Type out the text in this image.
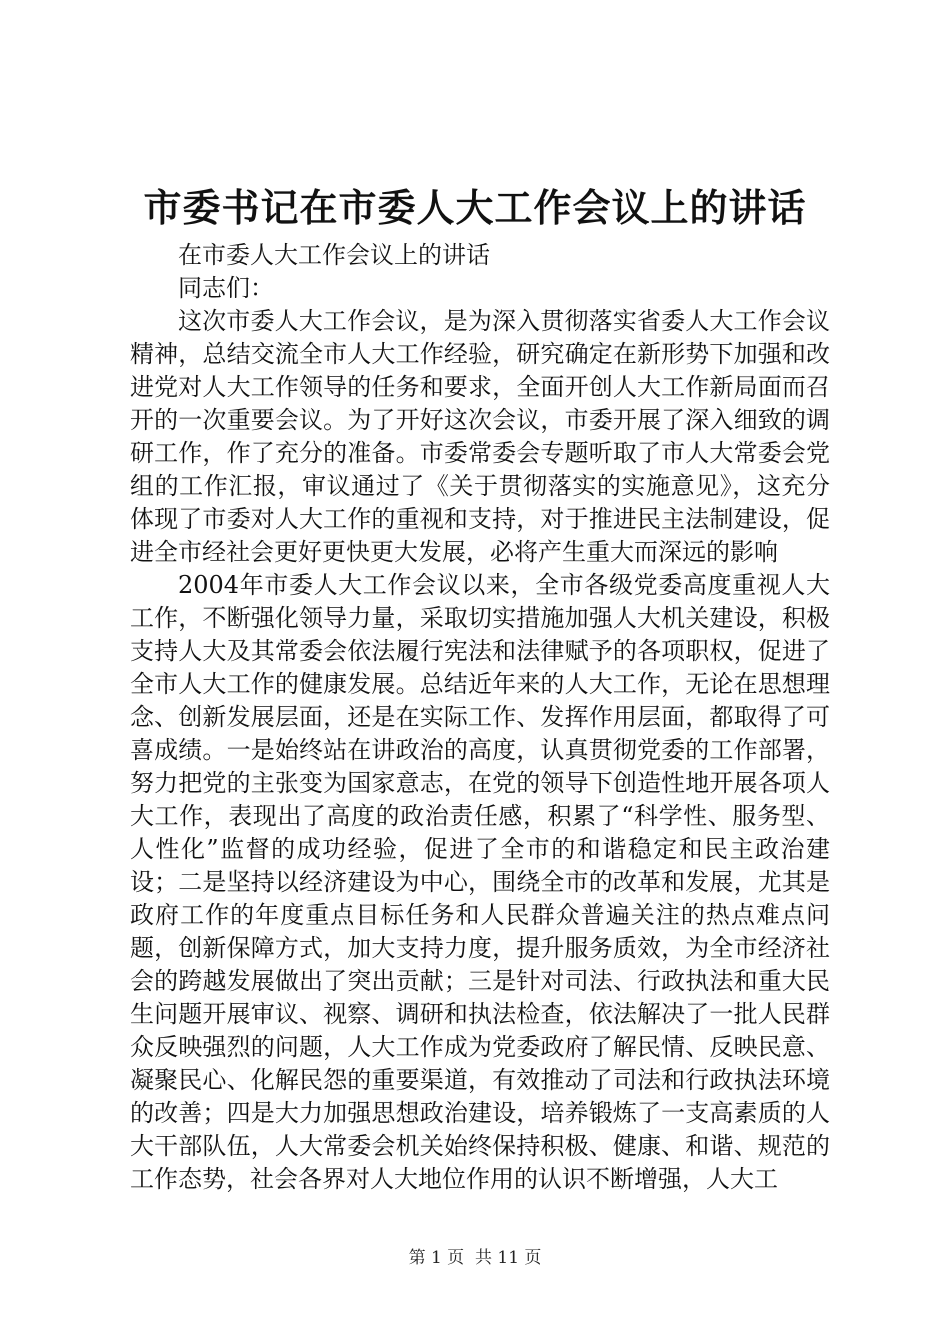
市委书记在市委人大工作会议上的讲话

在市委人大工作会议上的讲话

同志们：

这次市委人大工作会议，是为深入贯彻落实省委人大工作会议精神，总结交流全市人大工作经验，研究确定在新形势下加强和改进党对人大工作领导的任务和要求，全面开创人大工作新局面而召开的一次重要会议。为了开好这次会议，市委开展了深入细致的调研工作，作了充分的准备。市委常委会专题听取了市人大常委会党组的工作汇报，审议通过了《关于贯彻落实的实施意见》，这充分体现了市委对人大工作的重视和支持，对于推进民主法制建设，促进全市经社会更好更快更大发展，必将产生重大而深远的影响

2004年市委人大工作会议以来，全市各级党委高度重视人大工作，不断强化领导力量，采取切实措施加强人大机关建设，积极支持人大及其常委会依法履行宪法和法律赋予的各项职权，促进了全市人大工作的健康发展。总结近年来的人大工作，无论在思想理念、创新发展层面，还是在实际工作、发挥作用层面，都取得了可喜成绩。一是始终站在讲政治的高度，认真贯彻党委的工作部署，努力把党的主张变为国家意志，在党的领导下创造性地开展各项人大工作，表现出了高度的政治责任感，积累了“科学性、服务型、人性化”监督的成功经验，促进了全市的和谐稳定和民主政治建设；二是坚持以经济建设为中心，围绕全市的改革和发展，尤其是政府工作的年度重点目标任务和人民群众普遍关注的热点难点问题，创新保障方式，加大支持力度，提升服务质效，为全市经济社会的跨越发展做出了突出贡献；三是针对司法、行政执法和重大民生问题开展审议、视察、调研和执法检查，依法解决了一批人民群众反映强烈的问题，人大工作成为党委政府了解民情、反映民意、凝聚民心、化解民怨的重要渠道，有效推动了司法和行政执法环境的改善；四是大力加强思想政治建设，培养锻炼了一支高素质的人大干部队伍，人大常委会机关始终保持积极、健康、和谐、规范的工作态势，社会各界对人大地位作用的认识不断增强，人大工

第 1 页  共 11 页
